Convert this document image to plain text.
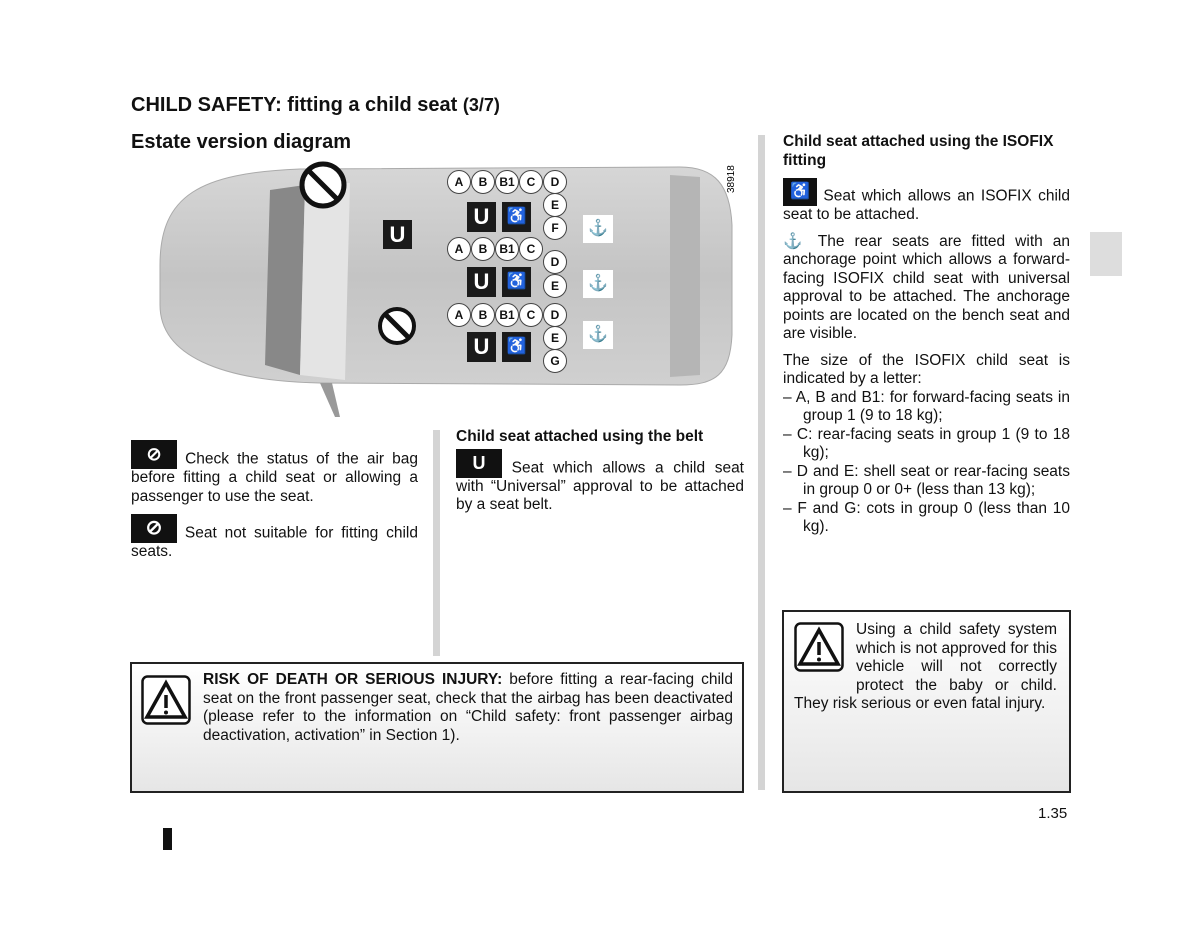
CHILD SAFETY: fitting a child seat (3/7)
Estate version diagram
U
38918
A	B	B1 C	D
E
F
U	♿
⚓
A	B	B1 C
D
E
U	♿	⚓
A	B	B1 C	D
E
G
U	♿
⚓

⊘ Check the status of the air bag before fitting a child seat or allowing a passenger to use the seat.

⊘ Seat not suitable for fitting child seats.

Child seat attached using the belt

U Seat which allows a child seat with “Universal” approval to be attached by a seat belt.

Child seat attached using the ISOFIX fitting

♿ Seat which allows an ISOFIX child seat to be attached.

⚓ The rear seats are fitted with an anchorage point which allows a forward-facing ISOFIX child seat with universal approval to be attached. The anchorage points are located on the bench seat and are visible.

The size of the ISOFIX child seat is indicated by a letter:

– A, B and B1: for forward-facing seats in group 1 (9 to 18 kg);
– C: rear-facing seats in group 1 (9 to 18 kg);
– D and E: shell seat or rear-facing seats in group 0 or 0+ (less than 13 kg);
– F and G: cots in group 0 (less than 10 kg).
Using a child safety system which is not approved for this vehicle will not correctly protect the baby or child. They risk serious or even fatal injury.
RISK OF DEATH OR SERIOUS INJURY: before fitting a rear-facing child seat on the front passenger seat, check that the airbag has been deactivated (please refer to the information on “Child safety: front passenger airbag deactivation, activation” in Section 1).
1.35
